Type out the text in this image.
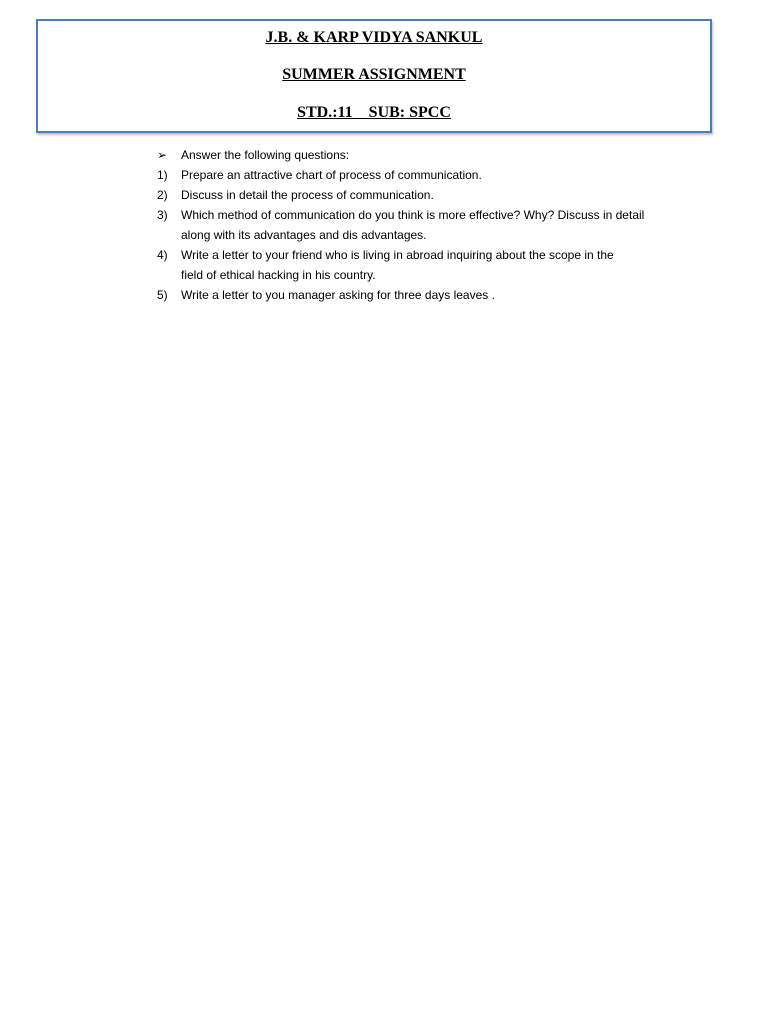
J.B. & KARP VIDYA SANKUL
SUMMER ASSIGNMENT
STD.:11    SUB: SPCC
➢	Answer the following questions:
1)	Prepare an attractive chart of process of communication.
2)	Discuss in detail the process of communication.
3)	Which method of communication do you think is more effective? Why? Discuss in detail
along with its advantages and dis advantages.
4)	Write a letter to your friend who is living in abroad inquiring about the scope in the
field of ethical hacking in his country.
5)	Write a letter to you manager asking for three days leaves .
